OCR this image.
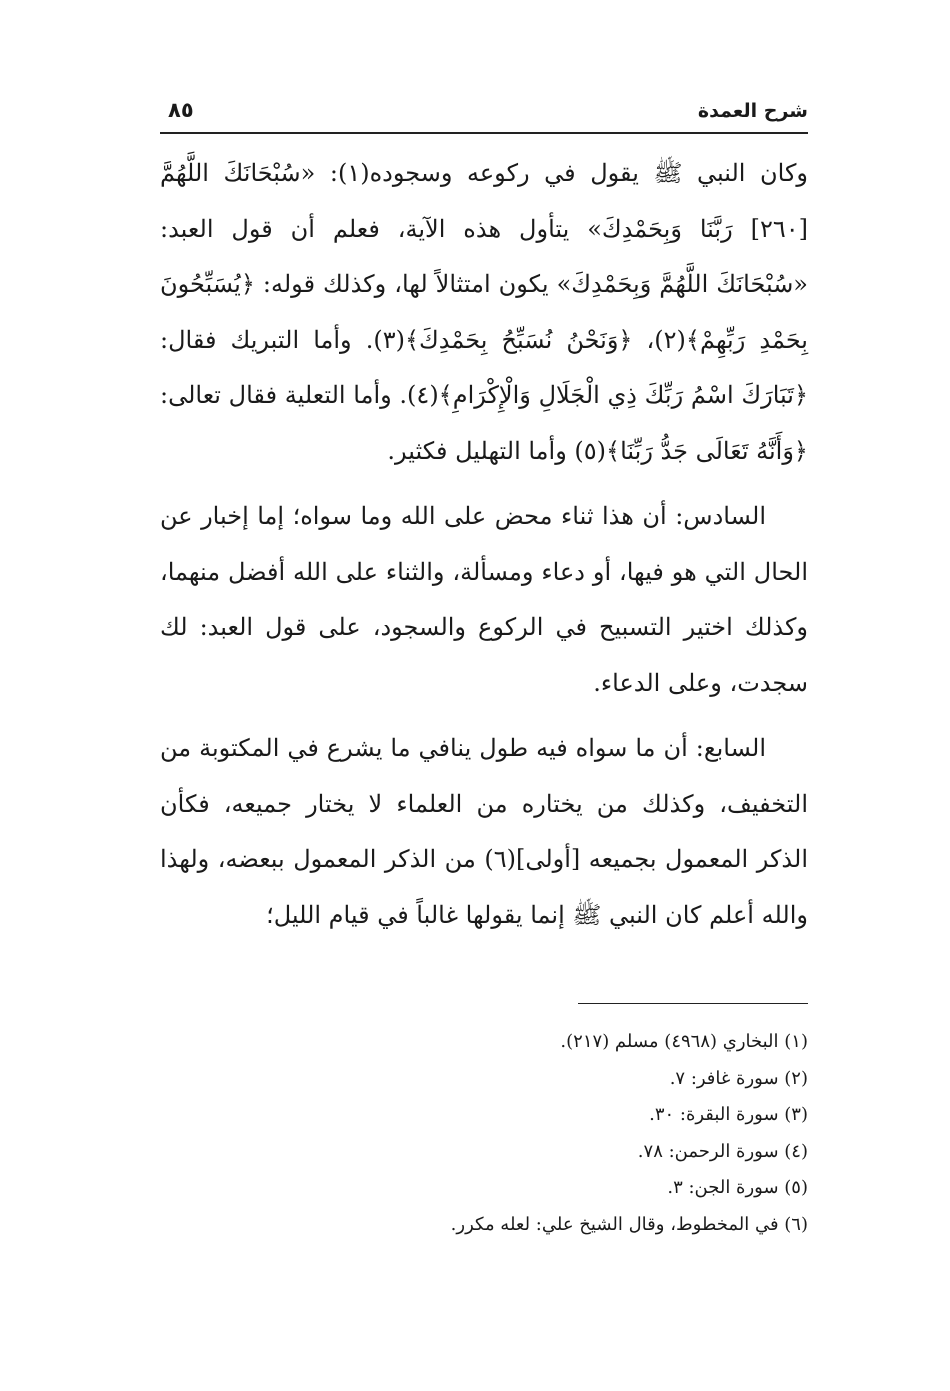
شرح العمدة
٨٥

وكان النبي ﷺ يقول في ركوعه وسجوده(١): «سُبْحَانَكَ اللَّهُمَّ [٢٦٠] رَبَّنَا وَبِحَمْدِكَ» يتأول هذه الآية، فعلم أن قول العبد: «سُبْحَانَكَ اللَّهُمَّ وَبِحَمْدِكَ» يكون امتثالاً لها، وكذلك قوله: ﴿يُسَبِّحُونَ بِحَمْدِ رَبِّهِمْ﴾(٢)، ﴿وَنَحْنُ نُسَبِّحُ بِحَمْدِكَ﴾(٣). وأما التبريك فقال: ﴿تَبَارَكَ اسْمُ رَبِّكَ ذِي الْجَلَالِ وَالْإِكْرَامِ﴾(٤). وأما التعلية فقال تعالى: ﴿وَأَنَّهُ تَعَالَى جَدُّ رَبِّنَا﴾(٥) وأما التهليل فكثير.

السادس: أن هذا ثناء محض على الله وما سواه؛ إما إخبار عن الحال التي هو فيها، أو دعاء ومسألة، والثناء على الله أفضل منهما، وكذلك اختير التسبيح في الركوع والسجود، على قول العبد: لك سجدت، وعلى الدعاء.

السابع: أن ما سواه فيه طول ينافي ما يشرع في المكتوبة من التخفيف، وكذلك من يختاره من العلماء لا يختار جميعه، فكأن الذكر المعمول بجميعه [أولى](٦) من الذكر المعمول ببعضه، ولهذا والله أعلم كان النبي ﷺ إنما يقولها غالباً في قيام الليل؛

(١) البخاري (٤٩٦٨) مسلم (٢١٧).

(٢) سورة غافر: ٧.

(٣) سورة البقرة: ٣٠.

(٤) سورة الرحمن: ٧٨.

(٥) سورة الجن: ٣.

(٦) في المخطوط، وقال الشيخ علي: لعله مكرر.
